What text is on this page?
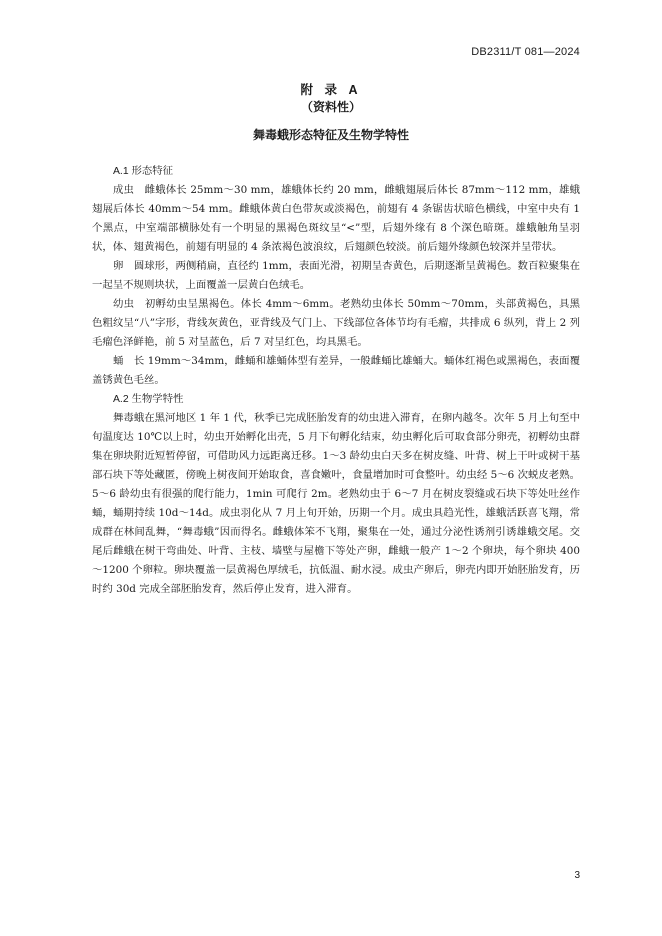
DB2311/T 081—2024
附 录 A
（资料性）
舞毒蛾形态特征及生物学特性
A.1 形态特征

成虫　雌蛾体长 25mm～30 mm，雄蛾体长约 20 mm，雌蛾翅展后体长 87mm～112 mm，雄蛾翅展后体长 40mm～54 mm。雌蛾体黄白色带灰或淡褐色，前翅有 4 条锯齿状暗色横线，中室中央有 1 个黑点，中室端部横脉处有一个明显的黑褐色斑纹呈“<”型，后翅外缘有 8 个深色暗斑。雄蛾触角呈羽状，体、翅黄褐色，前翅有明显的 4 条浓褐色波浪纹，后翅颜色较淡。前后翅外缘颜色较深并呈带状。

卵　圆球形，两侧稍扁，直径约 1mm，表面光滑，初期呈杏黄色，后期逐渐呈黄褐色。数百粒聚集在一起呈不规则块状，上面覆盖一层黄白色绒毛。

幼虫　初孵幼虫呈黑褐色。体长 4mm～6mm。老熟幼虫体长 50mm～70mm，头部黄褐色，具黑色粗纹呈“八”字形，背线灰黄色，亚背线及气门上、下线部位各体节均有毛瘤，共排成 6 纵列，背上 2 列毛瘤色泽鲜艳，前 5 对呈蓝色，后 7 对呈红色，均具黑毛。

蛹　长 19mm～34mm，雌蛹和雄蛹体型有差异，一般雌蛹比雄蛹大。蛹体红褐色或黑褐色，表面覆盖锈黄色毛丝。

A.2 生物学特性

舞毒蛾在黑河地区 1 年 1 代，秋季已完成胚胎发育的幼虫进入滞育，在卵内越冬。次年 5 月上旬至中旬温度达 10℃以上时，幼虫开始孵化出壳，5 月下旬孵化结束，幼虫孵化后可取食部分卵壳，初孵幼虫群集在卵块附近短暂停留，可借助风力远距离迁移。1～3 龄幼虫白天多在树皮缝、叶背、树上干叶或树干基部石块下等处藏匿，傍晚上树夜间开始取食，喜食嫩叶，食量增加时可食整叶。幼虫经 5～6 次蜕皮老熟。5～6 龄幼虫有很强的爬行能力，1min 可爬行 2m。老熟幼虫于 6～7 月在树皮裂缝或石块下等处吐丝作蛹，蛹期持续 10d～14d。成虫羽化从 7 月上旬开始，历期一个月。成虫具趋光性，雄蛾活跃喜飞翔，常成群在林间乱舞，“舞毒蛾”因而得名。雌蛾体笨不飞翔，聚集在一处，通过分泌性诱剂引诱雄蛾交尾。交尾后雌蛾在树干弯曲处、叶背、主枝、墙壁与屋檐下等处产卵，雌蛾一般产 1～2 个卵块，每个卵块 400～1200 个卵粒。卵块覆盖一层黄褐色厚绒毛，抗低温、耐水浸。成虫产卵后，卵壳内即开始胚胎发育，历时约 30d 完成全部胚胎发育，然后停止发育，进入滞育。

3
